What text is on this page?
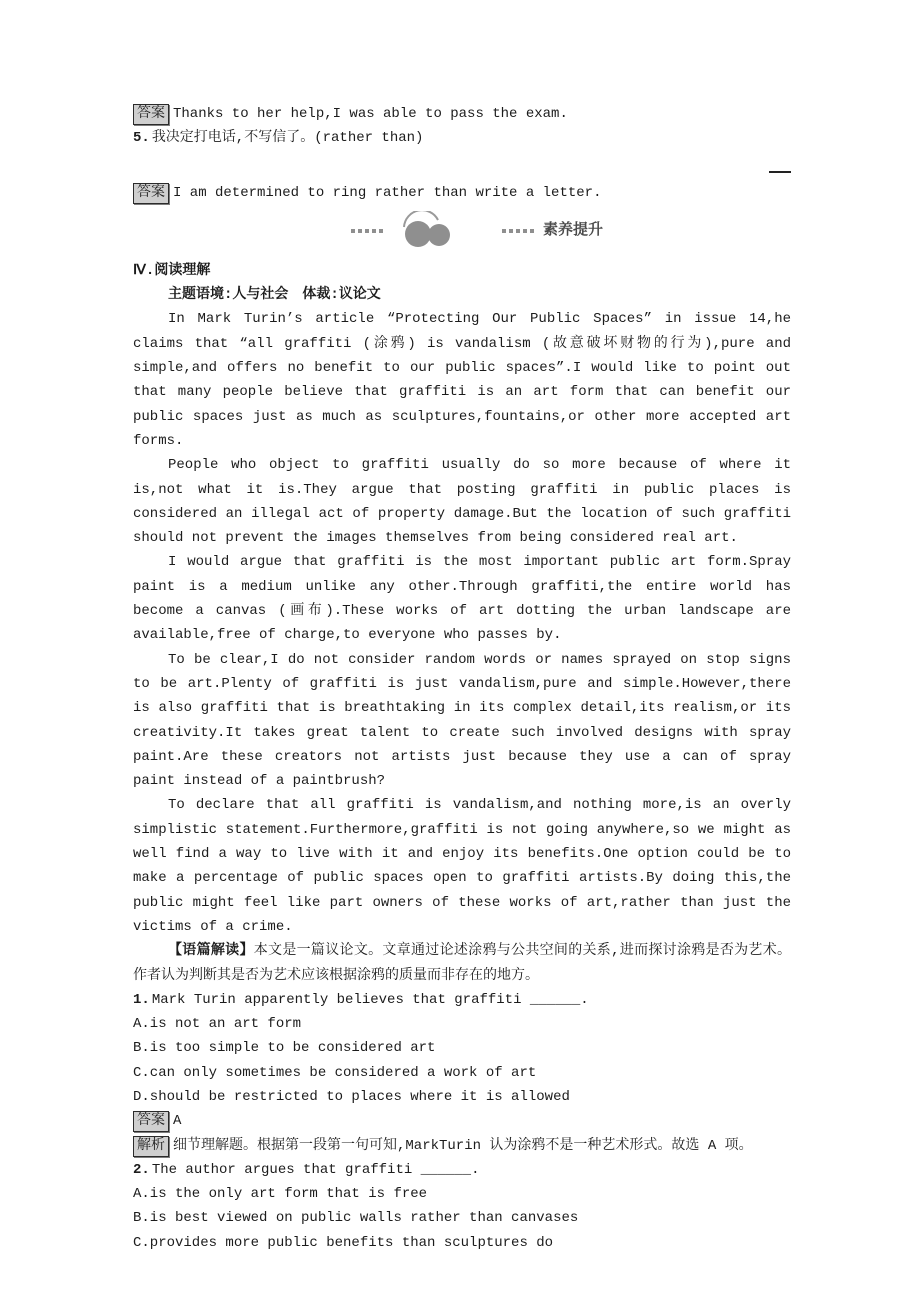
答案 Thanks to her help,I was able to pass the exam.

5. 我决定打电话,不写信了。(rather than)

答案 I am determined to ring rather than write a letter.

素养提升

Ⅳ.阅读理解

主题语境:人与社会　体裁:议论文

In Mark Turin’s article “Protecting Our Public Spaces” in issue 14,he claims that “all graffiti (涂鸦) is vandalism (故意破坏财物的行为),pure and simple,and offers no benefit to our public spaces”.I would like to point out that many people believe that graffiti is an art form that can benefit our public spaces just as much as sculptures,fountains,or other more accepted art forms.

People who object to graffiti usually do so more because of where it is,not what it is.They argue that posting graffiti in public places is considered an illegal act of property damage.But the location of such graffiti should not prevent the images themselves from being considered real art.

I would argue that graffiti is the most important public art form.Spray paint is a medium unlike any other.Through graffiti,the entire world has become a canvas (画布).These works of art dotting the urban landscape are available,free of charge,to everyone who passes by.

To be clear,I do not consider random words or names sprayed on stop signs to be art.Plenty of graffiti is just vandalism,pure and simple.However,there is also graffiti that is breathtaking in its complex detail,its realism,or its creativity.It takes great talent to create such involved designs with spray paint.Are these creators not artists just because they use a can of spray paint instead of a paintbrush?

To declare that all graffiti is vandalism,and nothing more,is an overly simplistic statement.Furthermore,graffiti is not going anywhere,so we might as well find a way to live with it and enjoy its benefits.One option could be to make a percentage of public spaces open to graffiti artists.By doing this,the public might feel like part owners of these works of art,rather than just the victims of a crime.

【语篇解读】本文是一篇议论文。文章通过论述涂鸦与公共空间的关系,进而探讨涂鸦是否为艺术。作者认为判断其是否为艺术应该根据涂鸦的质量而非存在的地方。

1. Mark Turin apparently believes that graffiti ______.

A.is not an art form

B.is too simple to be considered art

C.can only sometimes be considered a work of art

D.should be restricted to places where it is allowed

答案 A

解析 细节理解题。根据第一段第一句可知,MarkTurin 认为涂鸦不是一种艺术形式。故选 A 项。

2. The author argues that graffiti ______.

A.is the only art form that is free

B.is best viewed on public walls rather than canvases

C.provides more public benefits than sculptures do
